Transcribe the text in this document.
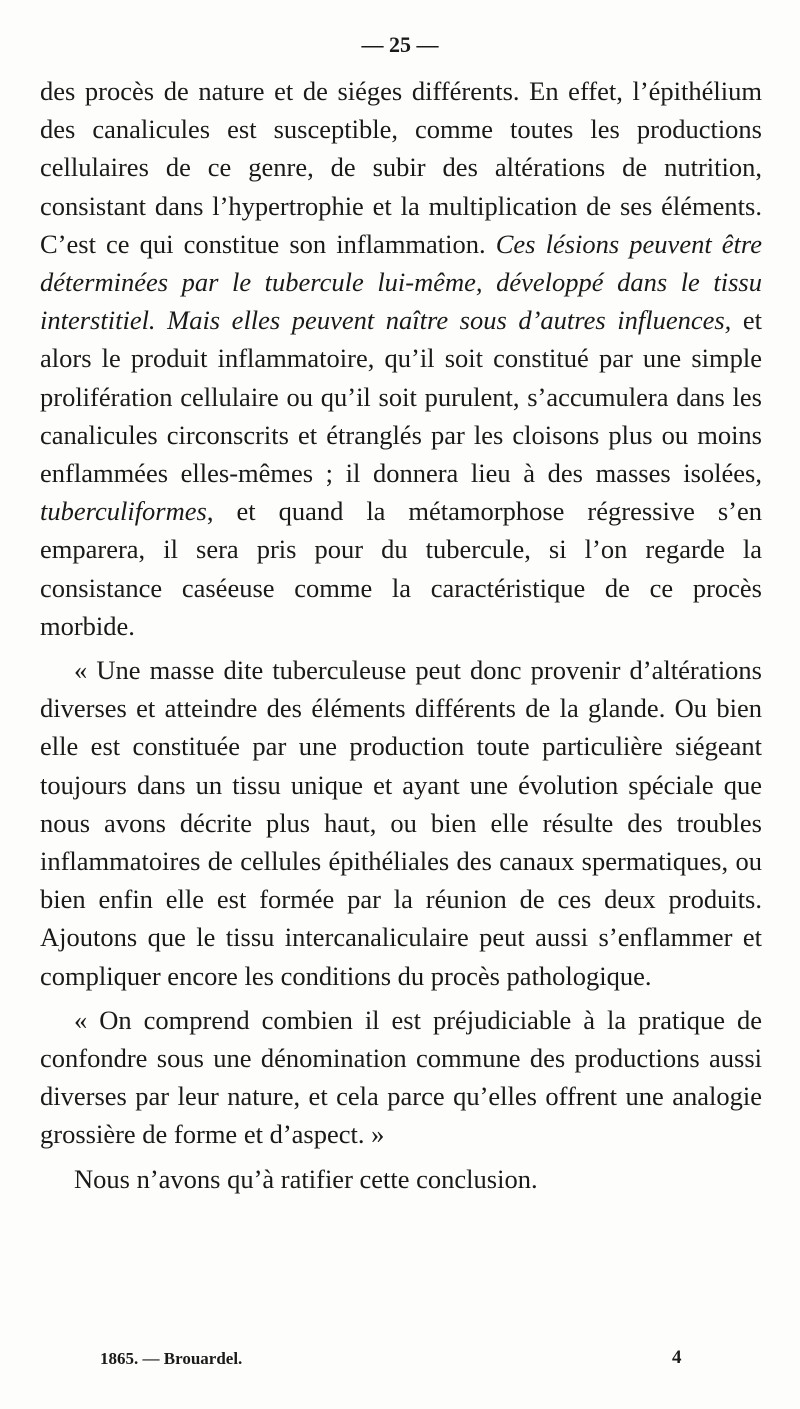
— 25 —

des procès de nature et de siéges différents. En effet, l’épithélium des canalicules est susceptible, comme toutes les productions cellulaires de ce genre, de subir des altérations de nutrition, consistant dans l’hypertrophie et la multiplication de ses éléments. C’est ce qui constitue son inflammation. Ces lésions peuvent être déterminées par le tubercule lui-même, développé dans le tissu interstitiel. Mais elles peuvent naître sous d’autres influences, et alors le produit inflammatoire, qu’il soit constitué par une simple prolifération cellulaire ou qu’il soit purulent, s’accumulera dans les canalicules circonscrits et étranglés par les cloisons plus ou moins enflammées elles-mêmes ; il donnera lieu à des masses isolées, tuberculiformes, et quand la métamorphose régressive s’en emparera, il sera pris pour du tubercule, si l’on regarde la consistance caséeuse comme la caractéristique de ce procès morbide.

« Une masse dite tuberculeuse peut donc provenir d’altérations diverses et atteindre des éléments différents de la glande. Ou bien elle est constituée par une production toute particulière siégeant toujours dans un tissu unique et ayant une évolution spéciale que nous avons décrite plus haut, ou bien elle résulte des troubles inflammatoires de cellules épithéliales des canaux spermatiques, ou bien enfin elle est formée par la réunion de ces deux produits. Ajoutons que le tissu intercanaliculaire peut aussi s’enflammer et compliquer encore les conditions du procès pathologique.

« On comprend combien il est préjudiciable à la pratique de confondre sous une dénomination commune des productions aussi diverses par leur nature, et cela parce qu’elles offrent une analogie grossière de forme et d’aspect. »

Nous n’avons qu’à ratifier cette conclusion.

1865. — Brouardel.	4
